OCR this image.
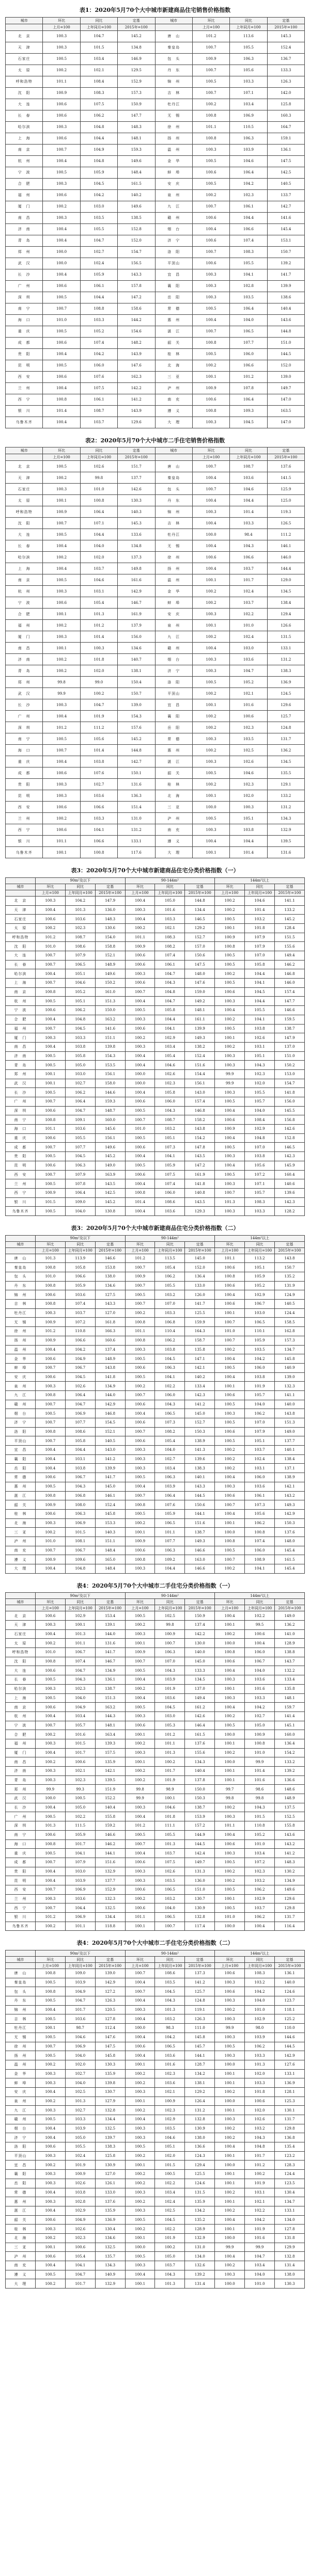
表1：2020年5月70个大中城市新建商品住宅销售价格指数
城市	环比	同比	定基	城市	环比	同比	定基
	上月=100	上年同月=100	2015年=100		上月=100	上年同月=100	2015年=100
北　京	100.3	104.7	145.2	唐　山	101.2	113.6	145.3
天　津	100.3	101.5	134.8	秦皇岛	100.7	105.5	152.4
石家庄	100.5	103.4	146.9	包　头	100.9	106.3	136.7
太　原	100.2	102.1	129.5	丹　东	100.7	105.6	133.3
呼和浩特	101.1	108.4	152.9	锦　州	100.5	103.3	126.3
沈　阳	100.9	108.3	157.3	吉　林	100.7	107.1	142.0
大　连	100.6	107.5	150.9	牡丹江	100.2	103.4	125.8
长　春	100.6	106.2	147.7	无　锡	100.8	106.9	160.3
哈尔滨	100.3	104.8	148.3	徐　州	101.1	110.5	164.7
上　海	100.6	104.4	148.1	扬　州	100.8	106.3	159.1
南　京	100.7	104.9	159.3	温　州	100.3	103.9	136.1
杭　州	100.4	104.8	149.6	金　华	100.5	104.6	147.5
宁　波	100.5	105.9	148.4	蚌　埠	100.6	106.4	142.5
合　肥	100.3	104.5	161.5	安　庆	100.5	104.2	140.5
福　州	100.6	104.2	140.2	泉　州	100.2	102.3	133.7
厦　门	100.2	103.0	149.6	九　江	100.7	106.1	142.7
南　昌	100.3	103.5	138.5	赣　州	100.6	104.4	141.6
济　南	100.4	105.5	152.8	烟　台	100.4	106.6	145.4
青　岛	100.4	104.7	152.0	济　宁	100.6	107.4	153.1
郑　州	100.0	102.7	154.7	洛　阳	100.7	108.3	150.7
武　汉	100.0	102.4	156.5	平顶山	100.6	105.5	139.2
长　沙	100.4	105.9	143.3	宜　昌	100.3	104.1	141.7
广　州	100.6	106.1	157.8	襄　阳	100.3	102.8	139.9
深　圳	100.5	104.4	147.2	岳　阳	100.3	103.5	138.6
南　宁	100.7	108.8	158.6	常　德	100.5	106.4	140.4
海　口	101.0	103.3	144.2	惠　州	100.4	104.0	143.6
重　庆	100.5	105.2	154.6	湛　江	100.7	106.5	144.8
成　都	100.6	107.4	148.2	韶　关	100.8	107.7	151.0
贵　阳	100.4	104.2	143.9	桂　林	100.5	106.0	144.5
昆　明	100.5	106.0	147.6	北　海	100.2	106.6	152.0
西　安	100.6	107.6	162.3	三　亚	100.1	101.2	139.0
兰　州	100.4	107.5	142.2	泸　州	100.9	107.8	149.7
西　宁	100.8	106.1	141.2	南　充	100.6	106.4	147.0
银　川	101.4	108.7	143.9	遵　义	100.8	109.3	163.5
乌鲁木齐	100.4	103.7	129.6	大　理	100.3	104.5	147.0
表2：2020年5月70个大中城市二手住宅销售价格指数
城市	环比	同比	定基	城市	环比	同比	定基
	上月=100	上年同月=100	2015年=100		上月=100	上年同月=100	2015年=100
北　京	100.5	102.6	151.7	唐　山	100.7	108.7	137.6
天　津	100.2	99.8	137.7	秦皇岛	100.4	103.6	141.5
石家庄	100.3	101.0	142.6	包　头	100.7	104.6	125.9
太　原	100.1	100.8	130.3	丹　东	100.4	104.4	125.0
呼和浩特	100.9	106.4	140.3	锦　州	100.3	101.4	119.3
沈　阳	100.7	107.1	145.3	吉　林	100.4	103.3	126.5
大　连	100.5	104.4	133.6	牡丹江	100.0	98.4	111.2
长　春	100.4	104.0	134.8	无　锡	100.4	104.3	146.1
哈尔滨	100.2	102.0	137.3	徐　州	100.6	106.6	146.0
上　海	100.4	103.7	149.8	扬　州	100.4	103.7	144.4
南　京	100.5	104.6	161.6	温　州	100.1	101.7	129.0
杭　州	100.3	103.1	142.9	金　华	100.2	102.4	134.5
宁　波	100.6	105.4	146.7	蚌　埠	100.2	103.7	138.4
合　肥	100.1	101.3	161.9	安　庆	100.3	102.2	129.4
福　州	100.2	101.2	137.9	泉　州	100.1	101.0	126.6
厦　门	100.3	101.4	156.0	九　江	100.2	102.4	131.5
南　昌	100.1	100.3	134.6	赣　州	100.4	103.0	133.1
济　南	100.2	101.8	140.7	烟　台	100.3	103.6	131.2
青　岛	100.2	102.0	138.1	济　宁	100.3	104.7	138.3
郑　州	99.8	99.0	150.4	洛　阳	100.5	105.2	136.9
武　汉	99.9	100.2	150.7	平顶山	100.2	102.1	124.5
长　沙	100.3	104.7	139.0	宜　昌	100.1	101.6	129.6
广　州	100.4	101.9	154.3	襄　阳	100.2	100.6	125.7
深　圳	101.2	111.2	157.6	岳　阳	100.2	102.3	124.8
南　宁	100.5	105.6	145.2	常　德	100.3	103.5	131.7
海　口	100.7	101.4	144.8	惠　州	100.2	102.5	136.2
重　庆	100.4	103.8	142.7	湛　江	100.3	102.6	134.5
成　都	100.6	107.6	150.1	韶　关	100.5	104.6	135.5
贵　阳	100.3	102.7	131.6	桂　林	100.2	102.3	129.1
昆　明	100.3	103.6	136.3	北　海	100.1	102.0	133.2
西　安	100.6	106.6	151.4	三　亚	100.0	100.3	131.2
兰　州	100.2	103.3	131.0	泸　州	100.5	105.1	134.3
西　宁	100.6	104.1	131.2	南　充	100.3	103.8	132.9
银　川	101.1	106.6	133.1	遵　义	100.4	104.4	139.5
乌鲁木齐	100.1	100.8	117.6	大　理	100.1	101.4	131.6
表3：2020年5月70个大中城市新建商品住宅分类价格指数（一）
	90m²及以下			90-144m²			144m²以上		
城市	环比	同比	定基	环比	同比	定基	环比	同比	定基
	上月=100	上年同月=100	2015年=100	上月=100	上年同月=100	2015年=100	上月=100	上年同月=100	2015年=100
北　京	100.3	104.2	147.9	100.4	105.0	144.8	100.2	104.6	141.1
天　津	100.4	101.3	136.0	100.3	101.6	134.4	100.2	101.4	133.2
石家庄	100.6	103.6	148.3	100.4	103.3	146.5	100.5	103.2	145.2
太　原	100.2	102.3	130.6	100.2	102.1	129.2	100.1	101.8	128.4
呼和浩特	101.2	108.7	154.0	101.1	108.3	152.7	100.9	107.9	151.5
沈　阳	101.0	108.6	158.8	100.9	108.2	157.0	100.8	107.9	155.6
大　连	100.7	107.9	152.1	100.6	107.4	150.6	100.5	107.0	149.4
长　春	100.7	106.5	148.9	100.6	106.1	147.5	100.5	105.8	146.2
哈尔滨	100.4	105.1	149.6	100.3	104.7	148.0	100.2	104.4	146.8
上　海	100.7	104.6	150.2	100.6	104.3	147.6	100.5	104.1	146.0
南　京	100.8	105.2	161.0	100.7	104.8	159.0	100.6	104.5	157.4
杭　州	100.5	105.1	151.3	100.4	104.7	149.2	100.3	104.4	147.7
宁　波	100.6	106.2	150.0	100.5	105.8	148.1	100.4	105.5	146.6
合　肥	100.4	104.8	163.2	100.3	104.4	161.1	100.2	104.1	159.5
福　州	100.7	104.5	141.6	100.6	104.1	139.9	100.5	103.8	138.7
厦　门	100.3	103.3	151.1	100.2	102.9	149.3	100.1	102.6	147.9
南　昌	100.4	103.8	139.8	100.3	103.4	138.2	100.2	103.1	137.0
济　南	100.5	105.8	154.3	100.4	105.4	152.4	100.3	105.1	151.0
青　岛	100.5	105.0	153.5	100.4	104.6	151.6	100.3	104.3	150.2
郑　州	100.1	103.0	156.1	100.0	102.6	154.4	99.9	102.3	153.0
武　汉	100.1	102.7	158.0	100.0	102.3	156.1	99.9	102.0	154.7
长　沙	100.5	106.2	144.6	100.4	105.8	143.0	100.3	105.5	141.8
广　州	100.7	106.4	159.3	100.6	106.0	157.4	100.5	105.7	156.0
深　圳	100.6	104.7	148.7	100.5	104.3	146.8	100.4	104.0	145.5
南　宁	100.8	109.1	160.0	100.7	108.7	158.2	100.6	108.4	156.8
海　口	101.1	103.6	145.6	101.0	103.2	143.8	100.9	102.9	142.6
重　庆	100.6	105.5	156.1	100.5	105.1	154.2	100.4	104.8	152.8
成　都	100.7	107.7	149.6	100.6	107.3	147.8	100.5	107.0	146.5
贵　阳	100.5	104.5	145.2	100.4	104.1	143.5	100.3	103.8	142.3
昆　明	100.6	106.3	149.0	100.5	105.9	147.2	100.4	105.6	145.9
西　安	100.7	107.9	163.9	100.6	107.5	161.9	100.5	107.2	160.4
兰　州	100.5	107.8	143.5	100.4	107.4	141.8	100.3	107.1	140.6
西　宁	100.9	106.4	142.5	100.8	106.0	140.8	100.7	105.7	139.6
银　川	101.5	109.0	145.2	101.4	108.6	143.5	101.3	108.3	142.3
乌鲁木齐	100.5	104.0	130.8	100.4	103.6	129.3	100.3	103.3	128.2
表3：2020年5月70个大中城市新建商品住宅分类价格指数（二）
	90m²及以下			90-144m²			144m²以上		
城市	环比	同比	定基	环比	同比	定基	环比	同比	定基
	上月=100	上年同月=100	2015年=100	上月=100	上年同月=100	2015年=100	上月=100	上年同月=100	2015年=100
唐　山	101.3	113.9	146.6	101.2	113.5	145.0	101.1	113.2	143.8
秦皇岛	100.8	105.8	153.8	100.7	105.4	152.0	100.6	105.1	150.7
包　头	101.0	106.6	138.0	100.9	106.2	136.4	100.8	105.9	135.2
丹　东	100.8	105.9	134.6	100.7	105.5	133.0	100.6	105.2	131.9
锦　州	100.6	103.6	127.5	100.5	103.2	126.0	100.4	102.9	124.9
吉　林	100.8	107.4	143.3	100.7	107.0	141.7	100.6	106.7	140.5
牡丹江	100.3	103.7	127.0	100.2	103.3	125.5	100.1	103.0	124.4
无　锡	100.9	107.2	161.8	100.8	106.8	159.9	100.7	106.5	158.5
徐　州	101.2	110.8	166.3	101.1	110.4	164.3	101.0	110.1	162.8
扬　州	100.9	106.6	160.6	100.8	106.2	158.7	100.7	105.9	157.3
温　州	100.4	104.2	137.4	100.3	103.8	135.8	100.2	103.5	134.7
金　华	100.6	104.9	148.9	100.5	104.5	147.1	100.4	104.2	145.8
蚌　埠	100.7	106.7	143.8	100.6	106.3	142.1	100.5	106.0	140.9
安　庆	100.6	104.5	141.8	100.5	104.1	140.2	100.4	103.8	139.0
泉　州	100.3	102.6	134.9	100.2	102.2	133.4	100.1	101.9	132.3
九　江	100.8	106.4	144.0	100.7	106.0	142.3	100.6	105.7	141.1
赣　州	100.7	104.7	142.9	100.6	104.3	141.2	100.5	104.0	140.0
烟　台	100.5	106.9	146.8	100.4	106.5	145.0	100.3	106.2	143.8
济　宁	100.7	107.7	154.5	100.6	107.3	152.7	100.5	107.0	151.3
洛　阳	100.8	108.6	152.1	100.7	108.2	150.3	100.6	107.9	149.0
平顶山	100.7	105.8	140.5	100.6	105.4	138.9	100.5	105.1	137.7
宜　昌	100.4	104.4	143.0	100.3	104.0	141.3	100.2	103.7	140.1
襄　阳	100.4	103.1	141.2	100.3	102.7	139.6	100.2	102.4	138.4
岳　阳	100.4	103.8	139.9	100.3	103.4	138.3	100.2	103.1	137.1
常　德	100.6	106.7	141.7	100.5	106.3	140.1	100.4	106.0	138.9
惠　州	100.5	104.3	145.0	100.4	103.9	143.3	100.3	103.6	142.1
湛　江	100.8	106.8	146.1	100.7	106.4	144.5	100.6	106.1	143.2
韶　关	100.9	108.0	152.4	100.8	107.6	150.6	100.7	107.3	149.3
桂　林	100.6	106.3	145.8	100.5	105.9	144.1	100.4	105.6	142.9
北　海	100.3	106.9	153.3	100.2	106.5	151.6	100.1	106.2	150.3
三　亚	100.2	101.5	140.3	100.1	101.1	138.7	100.0	100.8	137.6
泸　州	101.0	108.1	151.1	100.9	107.7	149.3	100.8	107.4	148.0
南　充	100.7	106.7	148.4	100.6	106.3	146.6	100.5	106.0	145.4
遵　义	100.9	109.6	165.0	100.8	109.2	163.0	100.7	108.9	161.5
大　理	100.4	104.8	148.4	100.3	104.4	146.6	100.2	104.1	145.4
表4：2020年5月70个大中城市二手住宅分类价格指数（一）
	90m²及以下			90-144m²			144m²以上		
城市	环比	同比	定基	环比	同比	定基	环比	同比	定基
	上月=100	上年同月=100	2015年=100	上月=100	上年同月=100	2015年=100	上月=100	上年同月=100	2015年=100
北　京	100.6	102.9	153.4	100.5	102.5	150.9	100.4	102.2	149.0
天　津	100.3	100.1	139.1	100.2	99.8	137.4	100.1	99.5	136.2
石家庄	100.4	101.3	144.0	100.3	100.9	142.2	100.2	100.6	141.0
太　原	100.2	101.1	131.6	100.1	100.7	130.0	100.0	100.4	128.9
呼和浩特	101.0	106.7	141.7	100.9	106.3	140.0	100.8	106.0	138.8
沈　阳	100.8	107.4	146.7	100.7	107.0	145.0	100.6	106.7	143.7
大　连	100.6	104.7	134.9	100.5	104.3	133.3	100.4	104.0	132.2
长　春	100.5	104.3	136.1	100.4	103.9	134.5	100.3	103.6	133.4
哈尔滨	100.3	102.3	138.7	100.2	101.9	137.0	100.1	101.6	135.8
上　海	100.5	104.0	151.3	100.4	103.6	149.4	100.3	103.3	148.1
南　京	100.6	104.9	163.2	100.5	104.5	161.2	100.4	104.2	159.7
杭　州	100.4	103.4	144.3	100.3	103.0	142.6	100.2	102.7	141.4
宁　波	100.7	105.7	148.1	100.6	105.3	146.4	100.5	105.0	145.1
合　肥	100.2	101.6	163.4	100.1	101.2	161.5	100.0	100.9	160.0
福　州	100.3	101.5	139.3	100.2	101.1	137.6	100.1	100.8	136.4
厦　门	100.4	101.7	157.5	100.3	101.3	155.6	100.2	101.0	154.2
南　昌	100.2	100.6	135.9	100.1	100.2	134.3	100.0	99.9	133.2
济　南	100.3	102.1	142.1	100.2	101.7	140.4	100.1	101.4	139.2
青　岛	100.3	102.3	139.5	100.2	101.9	137.8	100.1	101.6	136.6
郑　州	99.9	99.3	151.9	99.8	98.9	150.0	99.7	98.6	148.6
武　汉	100.0	100.5	152.2	99.9	100.1	150.3	99.8	99.8	148.9
长　沙	100.4	105.0	140.4	100.3	104.6	138.7	100.2	104.3	137.5
广　州	100.5	102.2	155.8	100.4	101.8	153.9	100.3	101.5	152.5
深　圳	101.3	111.5	159.2	101.2	111.1	157.2	101.1	110.8	155.8
南　宁	100.6	105.9	146.6	100.5	105.5	144.9	100.4	105.2	143.6
海　口	100.8	101.7	146.2	100.7	101.3	144.5	100.6	101.0	143.2
重　庆	100.5	104.1	144.1	100.4	103.7	142.4	100.3	103.4	141.2
成　都	100.7	107.9	151.6	100.6	107.5	149.7	100.5	107.2	148.3
贵　阳	100.4	103.0	132.9	100.3	102.6	131.3	100.2	102.3	130.2
昆　明	100.4	103.9	137.7	100.3	103.5	136.0	100.2	103.2	134.9
西　安	100.7	106.9	152.9	100.6	106.5	151.0	100.5	106.2	149.6
兰　州	100.3	103.6	132.3	100.2	103.2	130.7	100.1	102.9	129.6
西　宁	100.7	104.4	132.5	100.6	104.0	130.9	100.5	103.7	129.8
银　川	101.2	106.9	134.4	101.1	106.5	132.8	101.0	106.2	131.7
乌鲁木齐	100.2	101.1	118.8	100.1	100.7	117.4	100.0	100.4	116.4
表4：2020年5月70个大中城市二手住宅分类价格指数（二）
	90m²及以下			90-144m²			144m²以上		
城市	环比	同比	定基	环比	同比	定基	环比	同比	定基
	上月=100	上年同月=100	2015年=100	上月=100	上年同月=100	2015年=100	上月=100	上年同月=100	2015年=100
唐　山	100.8	109.0	139.0	100.7	108.6	137.3	100.6	108.3	136.1
秦皇岛	100.5	103.9	142.9	100.4	103.5	141.2	100.3	103.2	140.0
包　头	100.8	104.9	127.2	100.7	104.5	125.7	100.6	104.2	124.6
丹　东	100.5	104.7	126.3	100.4	104.3	124.8	100.3	104.0	123.7
锦　州	100.4	101.7	120.5	100.3	101.3	119.1	100.2	101.0	118.1
吉　林	100.5	103.6	127.8	100.4	103.2	126.3	100.3	102.9	125.2
牡丹江	100.1	98.7	112.4	100.0	98.3	111.0	99.9	98.0	110.0
无　锡	100.5	104.6	147.6	100.4	104.2	145.8	100.3	103.9	144.6
徐　州	100.7	106.9	147.5	100.6	106.5	145.7	100.5	106.2	144.5
扬　州	100.5	104.0	145.8	100.4	103.6	144.1	100.3	103.3	142.9
温　州	100.2	102.0	130.3	100.1	101.6	128.7	100.0	101.3	127.6
金　华	100.3	102.7	135.9	100.2	102.3	134.2	100.1	102.0	133.1
蚌　埠	100.3	104.0	139.8	100.2	103.6	138.1	100.1	103.3	136.9
安　庆	100.4	102.5	130.7	100.3	102.1	129.2	100.2	101.8	128.1
泉　州	100.2	101.3	127.9	100.1	100.9	126.4	100.0	100.6	125.3
九　江	100.3	102.7	132.8	100.2	102.3	131.2	100.1	102.0	130.1
赣　州	100.5	103.3	134.4	100.4	102.9	132.8	100.3	102.6	131.7
烟　台	100.4	103.9	132.5	100.3	103.5	130.9	100.2	103.2	129.8
济　宁	100.4	105.0	139.7	100.3	104.6	138.0	100.2	104.3	136.8
洛　阳	100.6	105.5	138.3	100.5	105.1	136.6	100.4	104.8	135.4
平顶山	100.3	102.4	125.8	100.2	102.0	124.3	100.1	101.7	123.2
宜　昌	100.2	101.9	130.9	100.1	101.5	129.4	100.0	101.2	128.3
襄　阳	100.3	100.9	127.0	100.2	100.5	125.5	100.1	100.2	124.4
岳　阳	100.3	102.6	126.1	100.2	102.2	124.6	100.1	101.9	123.5
常　德	100.4	103.8	133.0	100.3	103.4	131.5	100.2	103.1	130.4
惠　州	100.3	102.8	137.6	100.2	102.4	135.9	100.1	102.1	134.7
湛　江	100.4	102.9	135.9	100.3	102.5	134.2	100.2	102.2	133.1
韶　关	100.6	104.9	136.9	100.5	104.5	135.2	100.4	104.2	134.0
桂　林	100.3	102.6	130.4	100.2	102.2	128.9	100.1	101.9	127.8
北　海	100.2	102.3	134.6	100.1	101.9	132.9	100.0	101.6	131.8
三　亚	100.1	100.6	132.5	100.0	100.2	131.0	99.9	99.9	129.9
泸　州	100.6	105.4	135.7	100.5	105.0	134.0	100.4	104.7	132.8
南　充	100.4	104.1	134.3	100.3	103.7	132.6	100.2	103.4	131.4
遵　义	100.5	104.7	140.9	100.4	104.3	139.2	100.3	104.0	138.0
大　理	100.2	101.7	132.9	100.1	101.3	131.4	100.0	101.0	130.3
